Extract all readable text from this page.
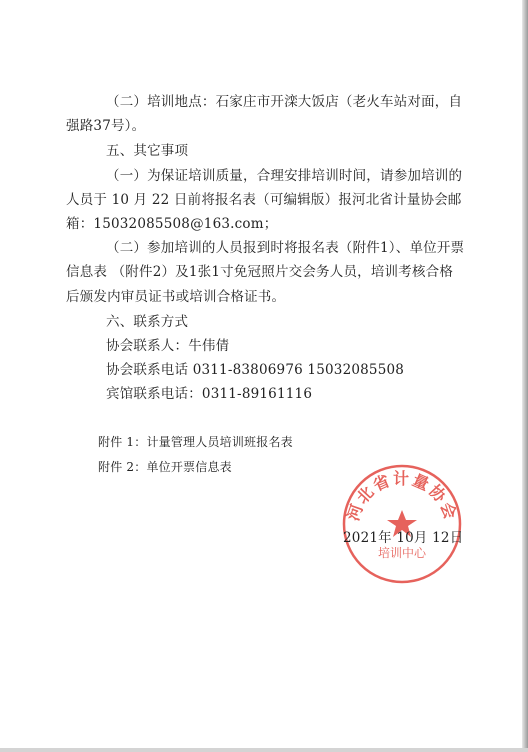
（二）培训地点：石家庄市开滦大饭店（老火车站对面，自
强路37号）。
五、其它事项
（一）为保证培训质量，合理安排培训时间，请参加培训的
人员于 10 月 22 日前将报名表（可编辑版）报河北省计量协会邮
箱：15032085508@163.com；
（二）参加培训的人员报到时将报名表（附件1）、单位开票
信息表 （附件2）及1张1寸免冠照片交会务人员，培训考核合格
后颁发内审员证书或培训合格证书。
六、联系方式
协会联系人：牛伟倩
协会联系电话 0311-83806976 15032085508
宾馆联系电话：0311-89161116
附件 1：计量管理人员培训班报名表
附件 2：单位开票信息表
河北省计量协会
培训中心
2021年 10月 12日
